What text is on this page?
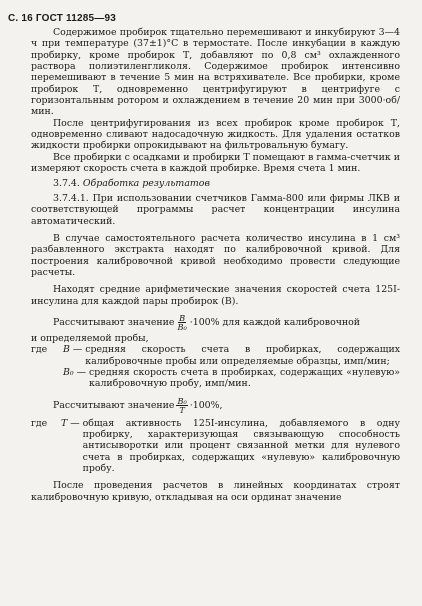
С. 16 ГОСТ 11285—93

Содержимое пробирок тщательно перемешивают и инкубируют 3—4 ч при температуре (37±1)°С в термостате. После инкубации в каждую пробирку, кроме пробирок Т, добавляют по 0,8 см³ охлажденного раствора полиэтиленгликоля. Содержимое пробирок интенсивно перемешивают в течение 5 мин на встряхивателе. Все пробирки, кроме пробирок Т, одновременно центрифугируют в центрифуге с горизонтальным ротором и охлаждением в течение 20 мин при 3000·об/мин.

После центрифугирования из всех пробирок кроме пробирок Т, одновременно сливают надосадочную жидкость. Для удаления остатков жидкости пробирки опрокидывают на фильтровальную бумагу.

Все пробирки с осадками и пробирки Т помещают в гамма-счетчик и измеряют скорость счета в каждой пробирке. Время счета 1 мин.

3.7.4. Обработка результатов

3.7.4.1. При использовании счетчиков Гамма-800 или фирмы ЛКВ и соответствующей программы расчет концентрации инсулина автоматический.

В случае самостоятельного расчета количество инсулина в 1 см³ разбавленного экстракта находят по калибровочной кривой. Для построения калибровочной кривой необходимо провести следующие расчеты.

Находят средние арифметические значения скоростей счета 125I-инсулина для каждой пары пробирок (B).

Рассчитывают значение $\frac{B}{\text{B₀}} \cdot 100\%$ для каждой калибровочной

и определяемой пробы,

где	B — средняя скорость счета в пробирках, содержащих калибровочные пробы или определяемые образцы, имп/мин;
B₀ — средняя скорость счета в пробирках, содержащих «нулевую» калибровочную пробу, имп/мин.
Рассчитывают значение $\frac{\text{B₀}}{T} \cdot 100\%$,
где	T — общая активность 125I-инсулина, добавляемого в одну пробирку, характеризующая связывающую способность антисыворотки или процент связанной метки для нулевого счета в пробирках, содержащих «нулевую» калибровочную пробу.

После проведения расчетов в линейных координатах строят калибровочную кривую, откладывая на оси ординат значение
